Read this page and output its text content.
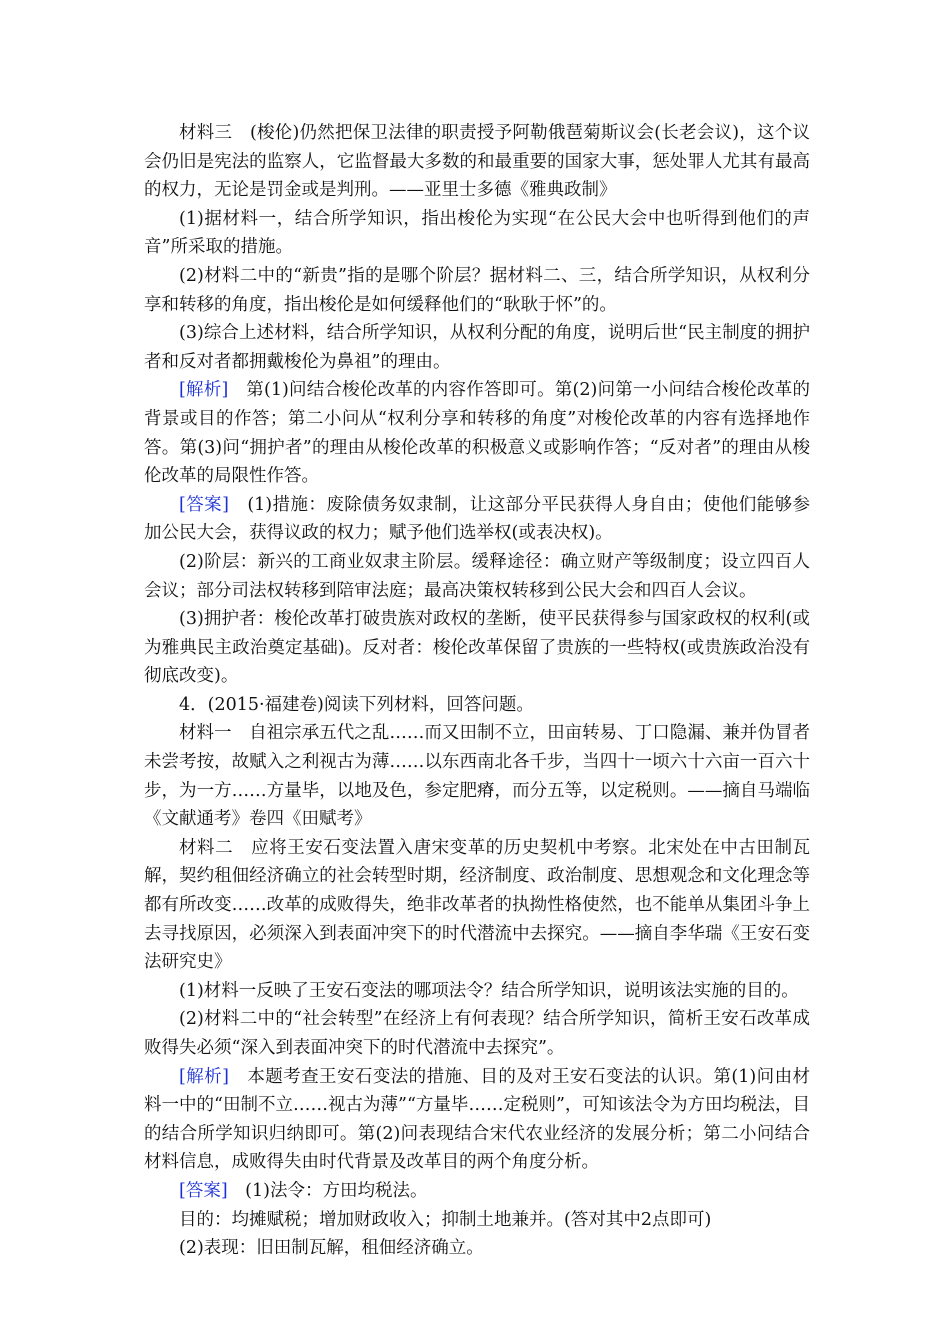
材料三　(梭伦)仍然把保卫法律的职责授予阿勒俄琶菊斯议会(长老会议)，这个议会仍旧是宪法的监察人，它监督最大多数的和最重要的国家大事，惩处罪人尤其有最高的权力，无论是罚金或是判刑。——亚里士多德《雅典政制》

(1)据材料一，结合所学知识，指出梭伦为实现“在公民大会中也听得到他们的声音”所采取的措施。

(2)材料二中的“新贵”指的是哪个阶层？据材料二、三，结合所学知识，从权利分享和转移的角度，指出梭伦是如何缓释他们的“耿耿于怀”的。

(3)综合上述材料，结合所学知识，从权利分配的角度，说明后世“民主制度的拥护者和反对者都拥戴梭伦为鼻祖”的理由。

[解析]　第(1)问结合梭伦改革的内容作答即可。第(2)问第一小问结合梭伦改革的背景或目的作答；第二小问从“权利分享和转移的角度”对梭伦改革的内容有选择地作答。第(3)问“拥护者”的理由从梭伦改革的积极意义或影响作答；“反对者”的理由从梭伦改革的局限性作答。

[答案]　(1)措施：废除债务奴隶制，让这部分平民获得人身自由；使他们能够参加公民大会，获得议政的权力；赋予他们选举权(或表决权)。

(2)阶层：新兴的工商业奴隶主阶层。缓释途径：确立财产等级制度；设立四百人会议；部分司法权转移到陪审法庭；最高决策权转移到公民大会和四百人会议。

(3)拥护者：梭伦改革打破贵族对政权的垄断，使平民获得参与国家政权的权利(或为雅典民主政治奠定基础)。反对者：梭伦改革保留了贵族的一些特权(或贵族政治没有彻底改变)。

4．(2015·福建卷)阅读下列材料，回答问题。

材料一　自祖宗承五代之乱……而又田制不立，田亩转易、丁口隐漏、兼并伪冒者未尝考按，故赋入之利视古为薄……以东西南北各千步，当四十一顷六十六亩一百六十步，为一方……方量毕，以地及色，参定肥瘠，而分五等，以定税则。——摘自马端临《文献通考》卷四《田赋考》

材料二　应将王安石变法置入唐宋变革的历史契机中考察。北宋处在中古田制瓦解，契约租佃经济确立的社会转型时期，经济制度、政治制度、思想观念和文化理念等都有所改变……改革的成败得失，绝非改革者的执拗性格使然，也不能单从集团斗争上去寻找原因，必须深入到表面冲突下的时代潜流中去探究。——摘自李华瑞《王安石变法研究史》

(1)材料一反映了王安石变法的哪项法令？结合所学知识，说明该法实施的目的。

(2)材料二中的“社会转型”在经济上有何表现？结合所学知识，简析王安石改革成败得失必须“深入到表面冲突下的时代潜流中去探究”。

[解析]　本题考查王安石变法的措施、目的及对王安石变法的认识。第(1)问由材料一中的“田制不立……视古为薄”“方量毕……定税则”，可知该法令为方田均税法，目的结合所学知识归纳即可。第(2)问表现结合宋代农业经济的发展分析；第二小问结合材料信息，成败得失由时代背景及改革目的两个角度分析。

[答案]　(1)法令：方田均税法。

目的：均摊赋税；增加财政收入；抑制土地兼并。(答对其中2点即可)

(2)表现：旧田制瓦解，租佃经济确立。
